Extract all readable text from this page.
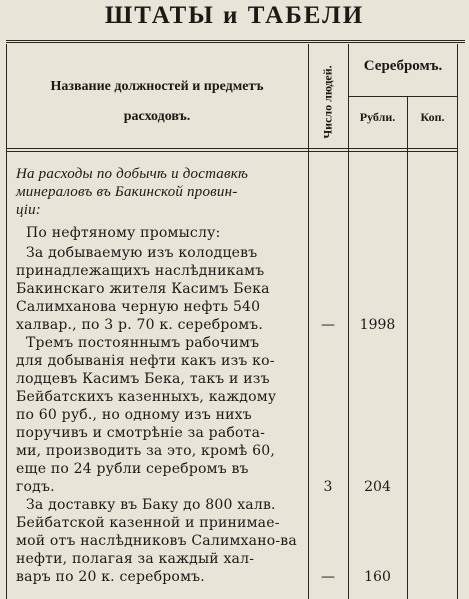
ШТАТЫ и ТАБЕЛИ
Название должностей и предметъ
расходовъ.	Число людей.	Серебромъ.
Рубли.	Коп.
На расходы по добычѣ и доставкѣ
минераловъ въ Бакинской провин-
ціи:
По нефтяному промыслу:
За добываемую изъ колодцевъ
принадлежащихъ наслѣдникамъ
Бакинскаго жителя Касимъ Бека
Салимханова черную нефть 540
халвар., по 3 р. 70 к. серебромъ.	—	1998
Тремъ постояннымъ рабочимъ
для добыванія нефти какъ изъ ко-
лодцевъ Касимъ Бека, такъ и изъ
Бейбатскихъ казенныхъ, каждому
по 60 руб., но одному изъ нихъ
поручивъ и смотрѣніе за работа-
ми, производить за это, кромѣ 60,
еще по 24 рубли серебромъ въ
годъ.	3	204
За доставку въ Баку до 800 халв.
Бейбатской казенной и принимае-
мой отъ наслѣдниковъ Салимхано-ва
нефти, полагая за каждый хал-
варъ по 20 к. серебромъ.	—	160
